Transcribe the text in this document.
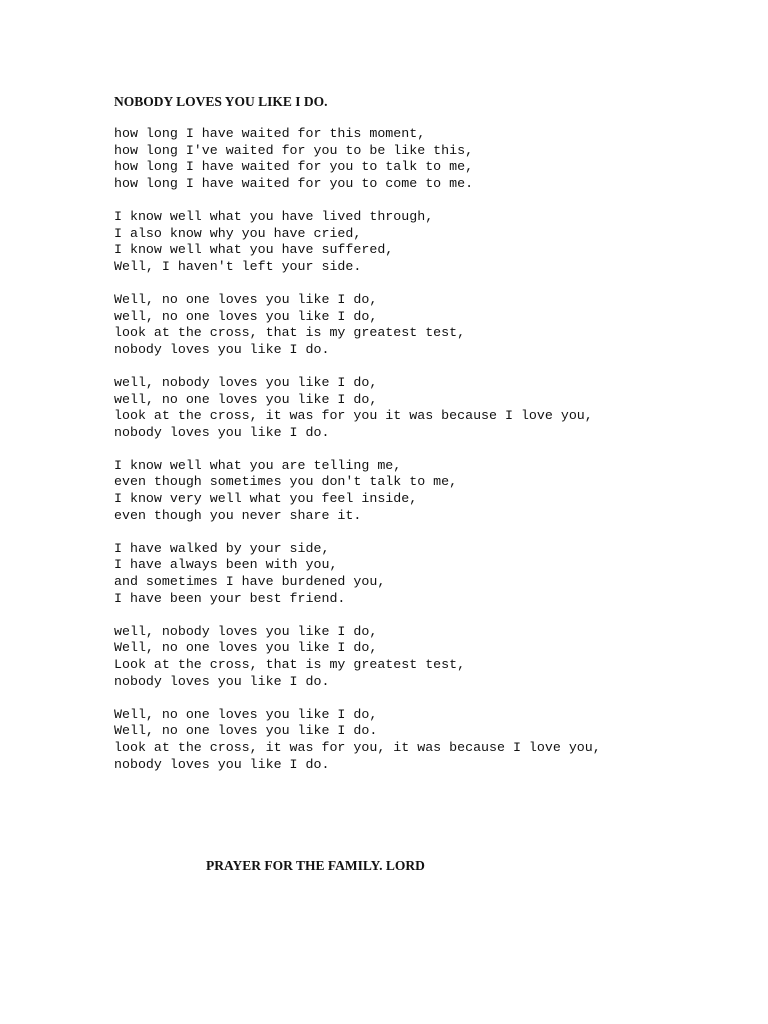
NOBODY LOVES YOU LIKE I DO.
how long I have waited for this moment,
how long I've waited for you to be like this,
how long I have waited for you to talk to me,
how long I have waited for you to come to me.
I know well what you have lived through,
I also know why you have cried,
I know well what you have suffered,
Well, I haven't left your side.
Well, no one loves you like I do,
well, no one loves you like I do,
look at the cross, that is my greatest test,
nobody loves you like I do.
well, nobody loves you like I do,
well, no one loves you like I do,
look at the cross, it was for you it was because I love you,
nobody loves you like I do.
I know well what you are telling me,
even though sometimes you don't talk to me,
I know very well what you feel inside,
even though you never share it.
I have walked by your side,
I have always been with you,
and sometimes I have burdened you,
I have been your best friend.
well, nobody loves you like I do,
Well, no one loves you like I do,
Look at the cross, that is my greatest test,
nobody loves you like I do.
Well, no one loves you like I do,
Well, no one loves you like I do.
look at the cross, it was for you, it was because I love you,
nobody loves you like I do.
PRAYER FOR THE FAMILY. LORD
